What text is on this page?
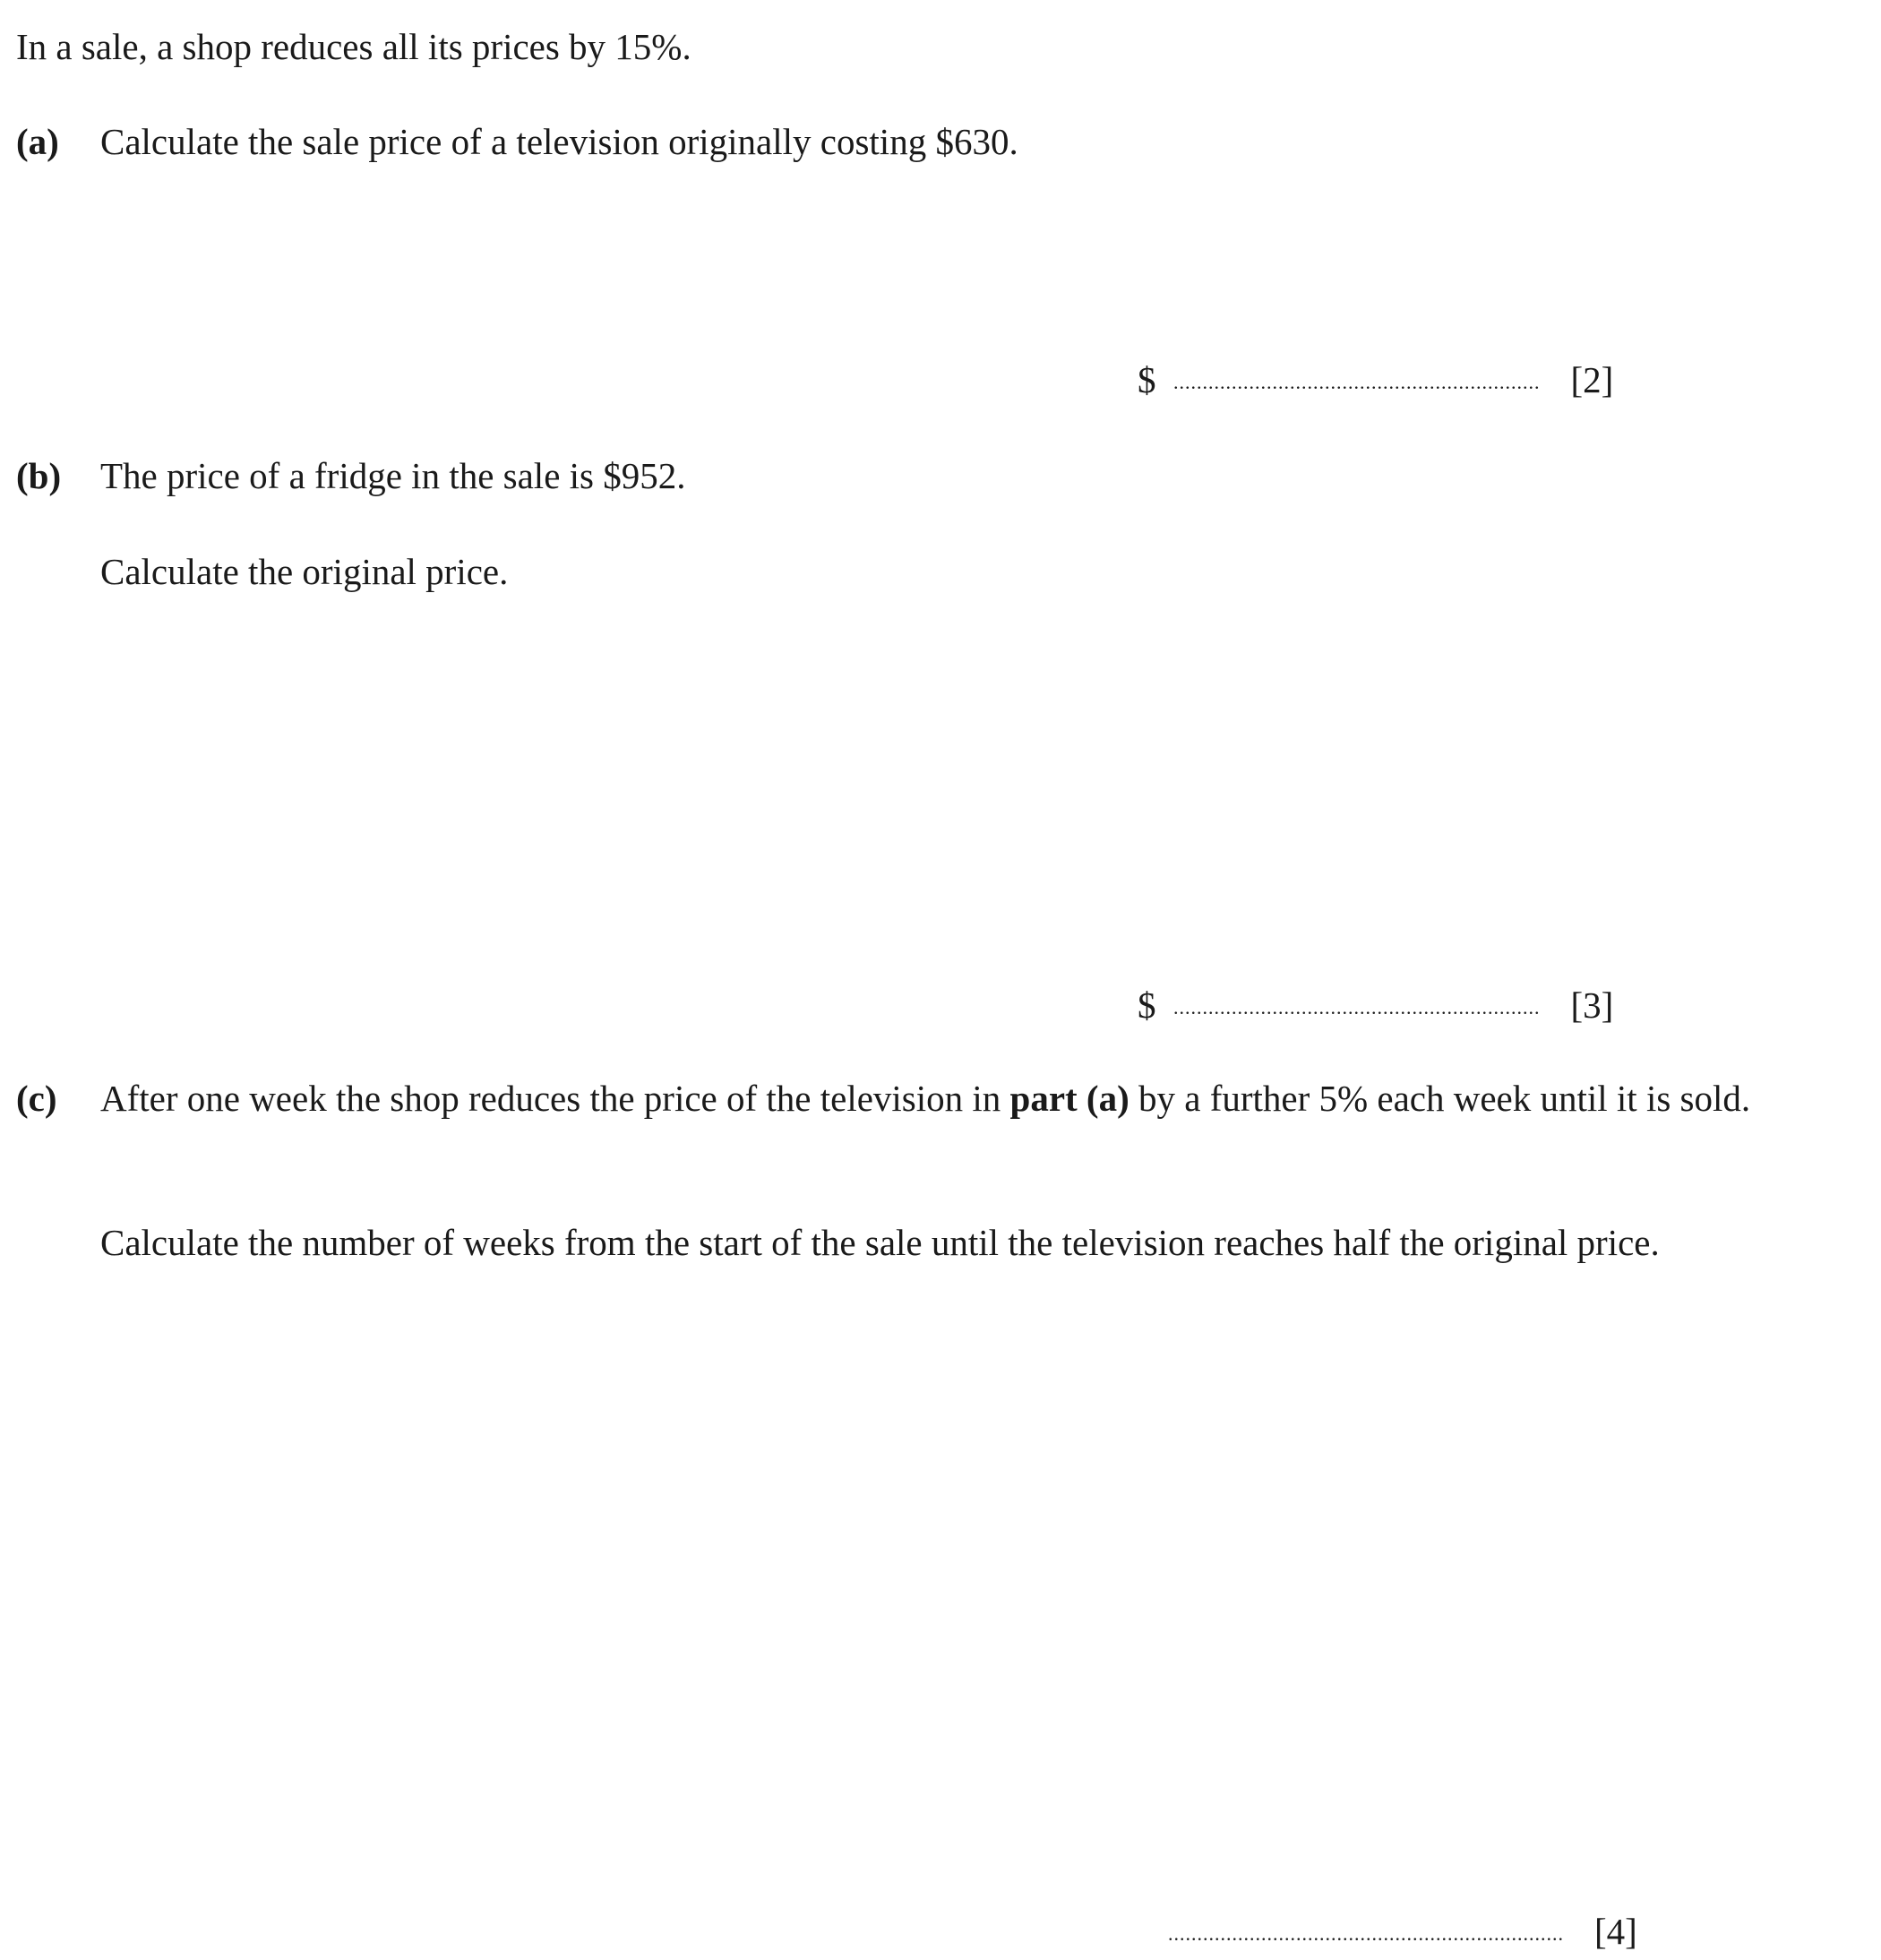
In a sale, a shop reduces all its prices by 15%.
(a) Calculate the sale price of a television originally costing $630.
$ ............................................................... [2]
(b) The price of a fridge in the sale is $952.
Calculate the original price.
$ ............................................................... [3]
(c) After one week the shop reduces the price of the television in part (a) by a further 5% each week until it is sold.
Calculate the number of weeks from the start of the sale until the television reaches half the original price.
.................................................................... [4]
